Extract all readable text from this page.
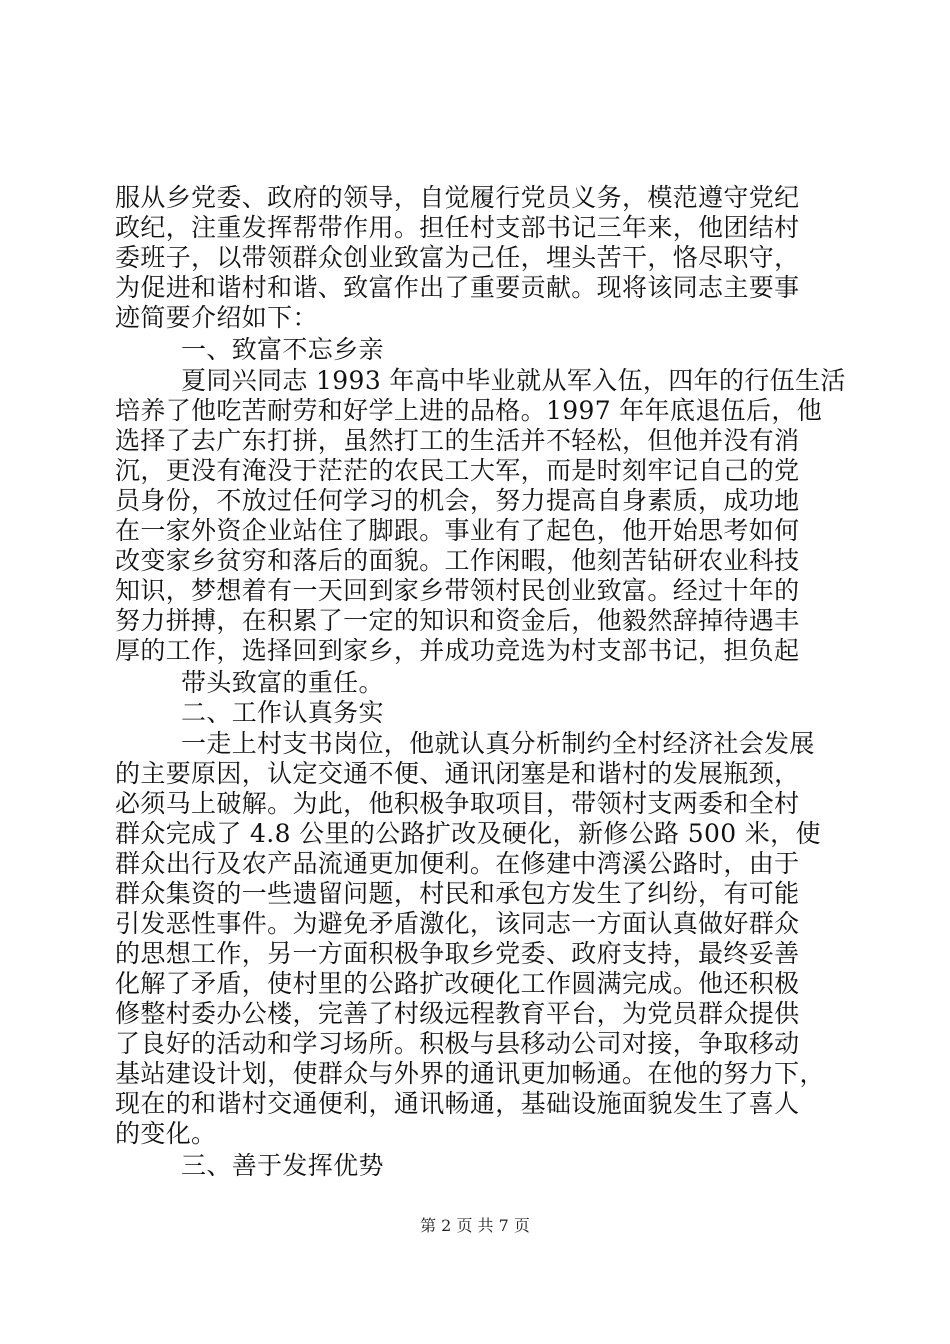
服从乡党委、政府的领导，自觉履行党员义务，模范遵守党纪
政纪，注重发挥帮带作用。担任村支部书记三年来，他团结村
委班子，以带领群众创业致富为己任，埋头苦干，恪尽职守，
为促进和谐村和谐、致富作出了重要贡献。现将该同志主要事
迹简要介绍如下：
一、致富不忘乡亲
夏同兴同志 1993 年高中毕业就从军入伍，四年的行伍生活
培养了他吃苦耐劳和好学上进的品格。1997 年年底退伍后，他
选择了去广东打拼，虽然打工的生活并不轻松，但他并没有消
沉，更没有淹没于茫茫的农民工大军，而是时刻牢记自己的党
员身份，不放过任何学习的机会，努力提高自身素质，成功地
在一家外资企业站住了脚跟。事业有了起色，他开始思考如何
改变家乡贫穷和落后的面貌。工作闲暇，他刻苦钻研农业科技
知识，梦想着有一天回到家乡带领村民创业致富。经过十年的
努力拼搏，在积累了一定的知识和资金后，他毅然辞掉待遇丰
厚的工作，选择回到家乡，并成功竞选为村支部书记，担负起
带头致富的重任。
二、工作认真务实
一走上村支书岗位，他就认真分析制约全村经济社会发展
的主要原因，认定交通不便、通讯闭塞是和谐村的发展瓶颈，
必须马上破解。为此，他积极争取项目，带领村支两委和全村
群众完成了 4.8 公里的公路扩改及硬化，新修公路 500 米，使
群众出行及农产品流通更加便利。在修建中湾溪公路时，由于
群众集资的一些遗留问题，村民和承包方发生了纠纷，有可能
引发恶性事件。为避免矛盾激化，该同志一方面认真做好群众
的思想工作，另一方面积极争取乡党委、政府支持，最终妥善
化解了矛盾，使村里的公路扩改硬化工作圆满完成。他还积极
修整村委办公楼，完善了村级远程教育平台，为党员群众提供
了良好的活动和学习场所。积极与县移动公司对接，争取移动
基站建设计划，使群众与外界的通讯更加畅通。在他的努力下，
现在的和谐村交通便利，通讯畅通，基础设施面貌发生了喜人
的变化。
三、善于发挥优势
第 2 页 共 7 页
